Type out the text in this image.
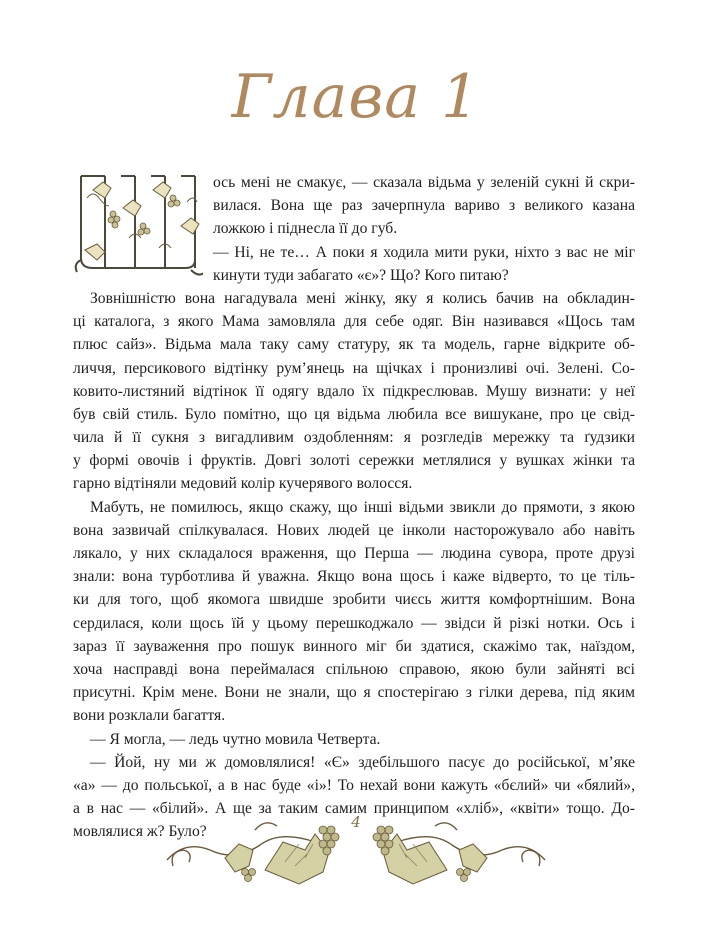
Глава 1
ось мені не смакує, — сказала відьма у зеленій сукні й скри-
вилася. Вона ще раз зачерпнула вариво з великого казана
ложкою і піднесла її до губ.
— Ні, не те… А поки я ходила мити руки, ніхто з вас не міг
кинути туди забагато «є»? Що? Кого питаю?
Зовнішністю вона нагадувала мені жінку, яку я колись бачив на обкладин-
ці каталога, з якого Мама замовляла для себе одяг. Він називався «Щось там
плюс сайз». Відьма мала таку саму статуру, як та модель, гарне відкрите об-
личчя, персикового відтінку рум’янець на щічках і пронизливі очі. Зелені. Со-
ковито-листяний відтінок її одягу вдало їх підкреслював. Мушу визнати: у неї
був свій стиль. Було помітно, що ця відьма любила все вишукане, про це свід-
чила й її сукня з вигадливим оздобленням: я розгледів мережку та ґудзики
у формі овочів і фруктів. Довгі золоті сережки метлялися у вушках жінки та
гарно відтіняли медовий колір кучерявого волосся.
Мабуть, не помилюсь, якщо скажу, що інші відьми звикли до прямоти, з якою
вона зазвичай спілкувалася. Нових людей це інколи насторожувало або навіть
лякало, у них складалося враження, що Перша — людина сувора, проте друзі
знали: вона турботлива й уважна. Якщо вона щось і каже відверто, то це тіль-
ки для того, щоб якомога швидше зробити чиєсь життя комфортнішим. Вона
сердилася, коли щось їй у цьому перешкоджало — звідси й різкі нотки. Ось і
зараз її зауваження про пошук винного міг би здатися, скажімо так, наїздом,
хоча насправді вона переймалася спільною справою, якою були зайняті всі
присутні. Крім мене. Вони не знали, що я спостерігаю з гілки дерева, під яким
вони розклали багаття.
— Я могла, — ледь чутно мовила Четверта.
— Йой, ну ми ж домовлялися! «Є» здебільшого пасує до російської, м’яке
«а» — до польської, а в нас буде «і»! То нехай вони кажуть «бєлий» чи «бялий»,
а в нас — «білий». А ще за таким самим принципом «хліб», «квіти» тощо. До-
мовлялися ж? Було?
4
